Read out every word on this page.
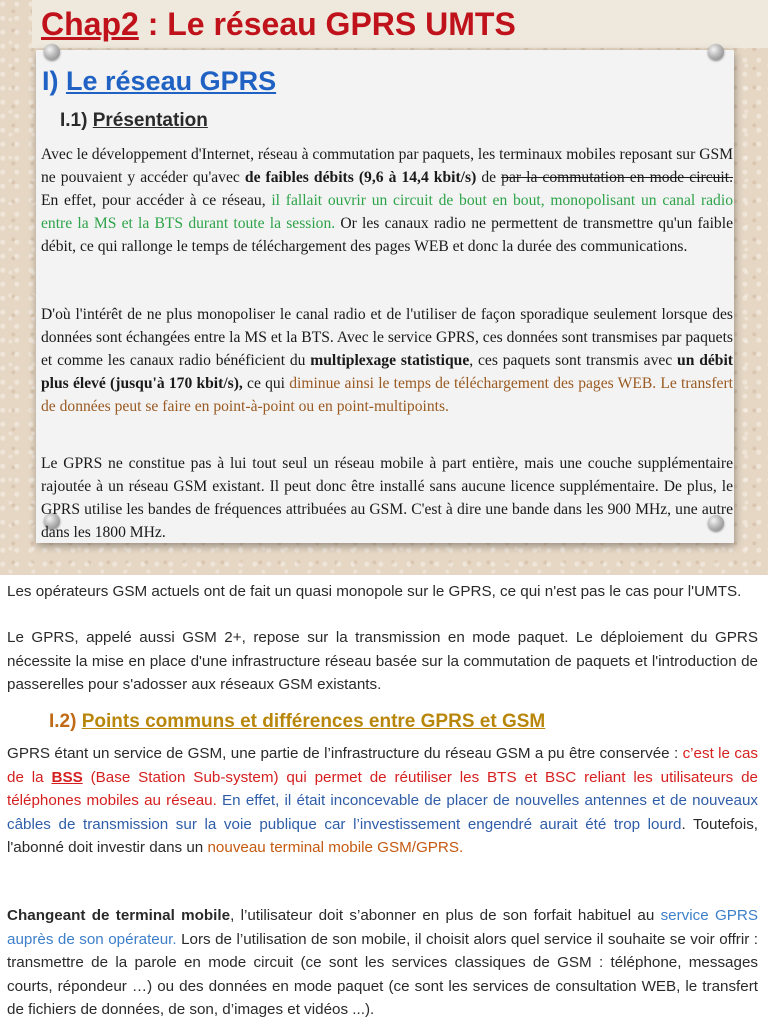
Chap2 : Le réseau GPRS UMTS
I) Le réseau GPRS
I.1) Présentation

Avec le développement d'Internet, réseau à commutation par paquets, les terminaux mobiles reposant sur GSM ne pouvaient y accéder qu'avec de faibles débits (9,6 à 14,4 kbit/s) de par la commutation en mode circuit. En effet, pour accéder à ce réseau, il fallait ouvrir un circuit de bout en bout, monopolisant un canal radio entre la MS et la BTS durant toute la session. Or les canaux radio ne permettent de transmettre qu'un faible débit, ce qui rallonge le temps de téléchargement des pages WEB et donc la durée des communications.

D'où l'intérêt de ne plus monopoliser le canal radio et de l'utiliser de façon sporadique seulement lorsque des données sont échangées entre la MS et la BTS. Avec le service GPRS, ces données sont transmises par paquets et comme les canaux radio bénéficient du multiplexage statistique, ces paquets sont transmis avec un débit plus élevé (jusqu'à 170 kbit/s), ce qui diminue ainsi le temps de téléchargement des pages WEB. Le transfert de données peut se faire en point-à-point ou en point-multipoints.

Le GPRS ne constitue pas à lui tout seul un réseau mobile à part entière, mais une couche supplémentaire rajoutée à un réseau GSM existant. Il peut donc être installé sans aucune licence supplémentaire. De plus, le GPRS utilise les bandes de fréquences attribuées au GSM. C'est à dire une bande dans les 900 MHz, une autre dans les 1800 MHz.

Les opérateurs GSM actuels ont de fait un quasi monopole sur le GPRS, ce qui n'est pas le cas pour l'UMTS.

Le GPRS, appelé aussi GSM 2+, repose sur la transmission en mode paquet. Le déploiement du GPRS nécessite la mise en place d'une infrastructure réseau basée sur la commutation de paquets et l'introduction de passerelles pour s'adosser aux réseaux GSM existants.

I.2) Points communs et différences entre GPRS et GSM

GPRS étant un service de GSM, une partie de l’infrastructure du réseau GSM a pu être conservée : c’est le cas de la BSS (Base Station Sub-system) qui permet de réutiliser les BTS et BSC reliant les utilisateurs de téléphones mobiles au réseau. En effet, il était inconcevable de placer de nouvelles antennes et de nouveaux câbles de transmission sur la voie publique car l’investissement engendré aurait été trop lourd. Toutefois, l'abonné doit investir dans un nouveau terminal mobile GSM/GPRS.

Changeant de terminal mobile, l’utilisateur doit s’abonner en plus de son forfait habituel au service GPRS auprès de son opérateur. Lors de l’utilisation de son mobile, il choisit alors quel service il souhaite se voir offrir : transmettre de la parole en mode circuit (ce sont les services classiques de GSM : téléphone, messages courts, répondeur …) ou des données en mode paquet (ce sont les services de consultation WEB, le transfert de fichiers de données, de son, d’images et vidéos ...).
